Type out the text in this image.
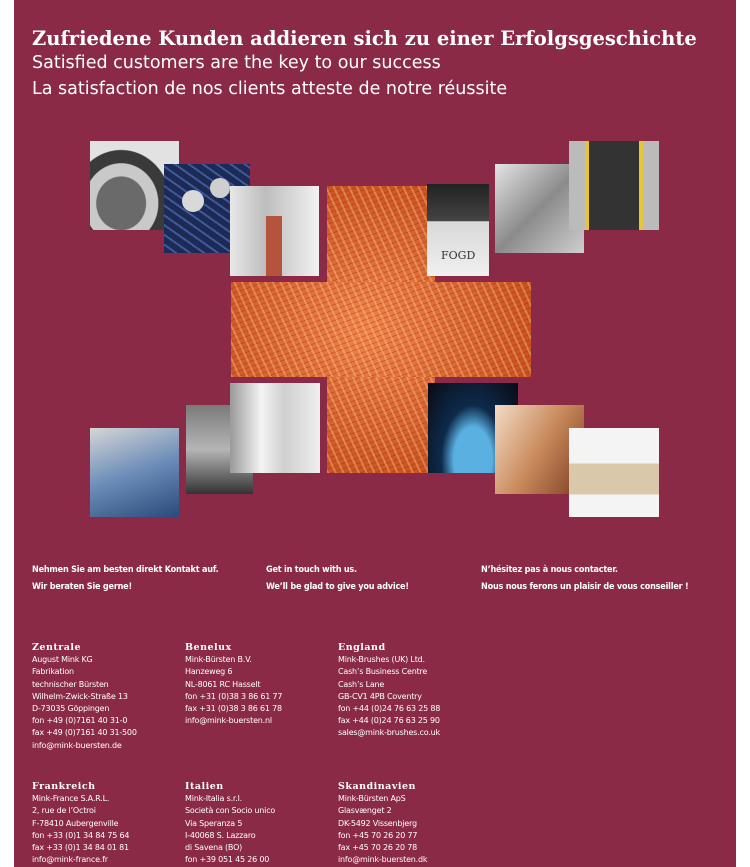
Zufriedene Kunden addieren sich zu einer Erfolgsgeschichte
Satisfied customers are the key to our success
La satisfaction de nos clients atteste de notre réussite
FOGD
Nehmen Sie am besten direkt Kontakt auf.
Wir beraten Sie gerne!
Get in touch with us.
We’ll be glad to give you advice!
N’hésitez pas à nous contacter.
Nous nous ferons un plaisir de vous conseiller !
Zentrale
August Mink KG
Fabrikation
technischer Bürsten
Wilhelm-Zwick-Straße 13
D-73035 Göppingen
fon +49 (0)7161 40 31-0
fax +49 (0)7161 40 31-500
info@mink-buersten.de
Benelux
Mink-Bürsten B.V.
Hanzeweg 6
NL-8061 RC Hasselt
fon +31 (0)38 3 86 61 77
fax +31 (0)38 3 86 61 78
info@mink-buersten.nl
England
Mink-Brushes (UK) Ltd.
Cash’s Business Centre
Cash’s Lane
GB-CV1 4PB Coventry
fon +44 (0)24 76 63 25 88
fax +44 (0)24 76 63 25 90
sales@mink-brushes.co.uk
Frankreich
Mink-France S.A.R.L.
2, rue de l’Octroi
F-78410 Aubergenville
fon +33 (0)1 34 84 75 64
fax +33 (0)1 34 84 01 81
info@mink-france.fr
Italien
Mink-Italia s.r.l.
Società con Socio unico
Via Speranza 5
I-40068 S. Lazzaro
di Savena (BO)
fon +39 051 45 26 00
Skandinavien
Mink-Bürsten ApS
Glasvænget 2
DK-5492 Vissenbjerg
fon +45 70 26 20 77
fax +45 70 26 20 78
info@mink-buersten.dk
